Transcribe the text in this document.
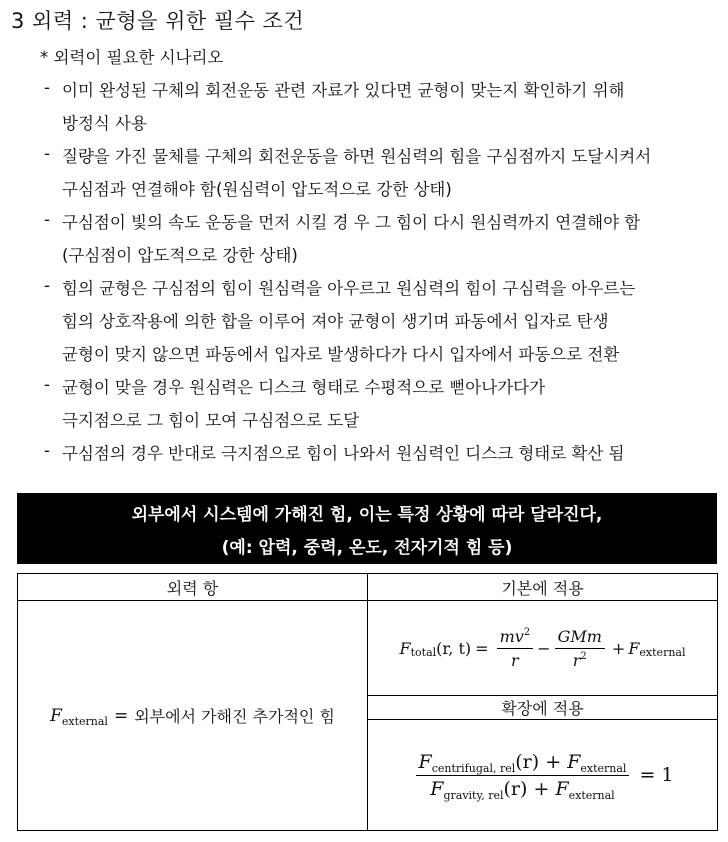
3 외력 : 균형을 위한 필수 조건
* 외력이 필요한 시나리오
- 이미 완성된 구체의 회전운동 관련 자료가 있다면 균형이 맞는지 확인하기 위해
방정식 사용
- 질량을 가진 물체를 구체의 회전운동을 하면 원심력의 힘을 구심점까지 도달시켜서
구심점과 연결해야 함(원심력이 압도적으로 강한 상태)
- 구심점이 빛의 속도 운동을 먼저 시킬 경 우 그 힘이 다시 원심력까지 연결해야 함
(구심점이 압도적으로 강한 상태)
- 힘의 균형은 구심점의 힘이 원심력을 아우르고 원심력의 힘이 구심력을 아우르는
힘의 상호작용에 의한 합을 이루어 져야 균형이 생기며 파동에서 입자로 탄생
균형이 맞지 않으면 파동에서 입자로 발생하다가 다시 입자에서 파동으로 전환
- 균형이 맞을 경우 원심력은 디스크 형태로 수평적으로 뻗아나가다가
극지점으로 그 힘이 모여 구심점으로 도달
- 구심점의 경우 반대로 극지점으로 힘이 나와서 원심력인 디스크 형태로 확산 됨
외부에서 시스템에 가해진 힘, 이는 특정 상황에 따라 달라진다,
(예: 압력, 중력, 온도, 전자기적 힘 등)
외력 항	기본에 적용
$F_{external}$ = 외부에서 가해진 추가적인 힘
F total (r, $t) = \frac{mv^2}{r} - \frac{\text{GMm}}{r^2} + F$ external
확장에 적용
$\frac{F_{centrifugal, rel}(r) + F_{external}}{F_{gravity, rel}(r) + F_{external}} = 1$
